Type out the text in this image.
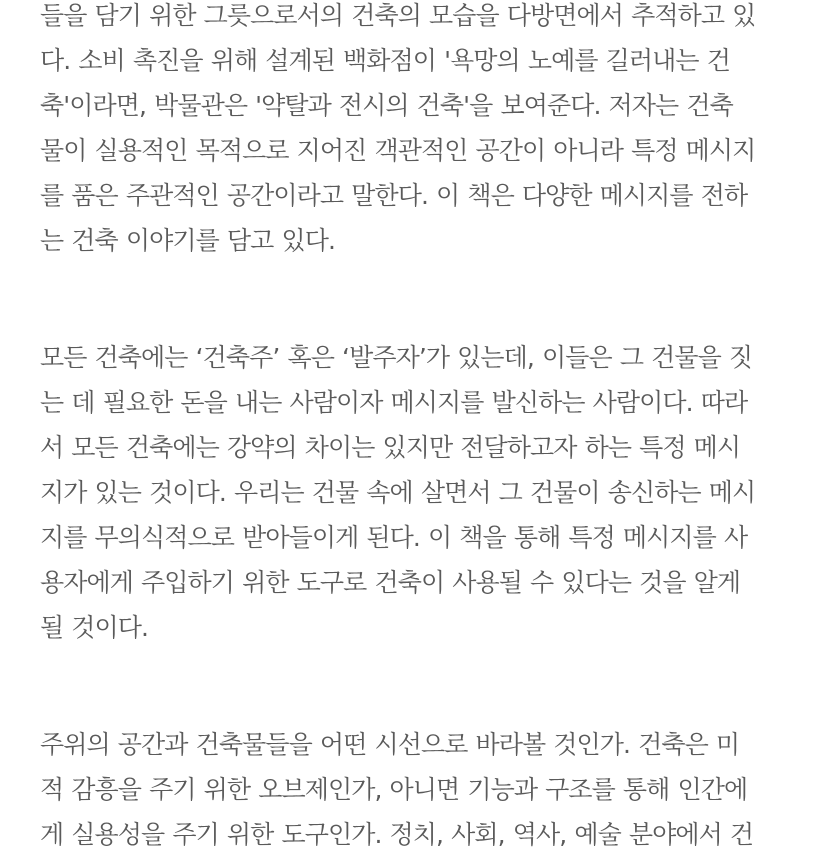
들을 담기 위한 그릇으로서의 건축의 모습을 다방면에서 추적하고 있
다. 소비 촉진을 위해 설계된 백화점이 '욕망의 노예를 길러내는 건
축'이라면, 박물관은 '약탈과 전시의 건축'을 보여준다. 저자는 건축
물이 실용적인 목적으로 지어진 객관적인 공간이 아니라 특정 메시지
를 품은 주관적인 공간이라고 말한다. 이 책은 다양한 메시지를 전하
는 건축 이야기를 담고 있다.
모든 건축에는 ‘건축주’ 혹은 ‘발주자’가 있는데, 이들은 그 건물을 짓
는 데 필요한 돈을 내는 사람이자 메시지를 발신하는 사람이다. 따라
서 모든 건축에는 강약의 차이는 있지만 전달하고자 하는 특정 메시
지가 있는 것이다. 우리는 건물 속에 살면서 그 건물이 송신하는 메시
지를 무의식적으로 받아들이게 된다. 이 책을 통해 특정 메시지를 사
용자에게 주입하기 위한 도구로 건축이 사용될 수 있다는 것을 알게
될 것이다.
주위의 공간과 건축물들을 어떤 시선으로 바라볼 것인가. 건축은 미
적 감흥을 주기 위한 오브제인가, 아니면 기능과 구조를 통해 인간에
게 실용성을 주기 위한 도구인가. 정치, 사회, 역사, 예술 분야에서 건
